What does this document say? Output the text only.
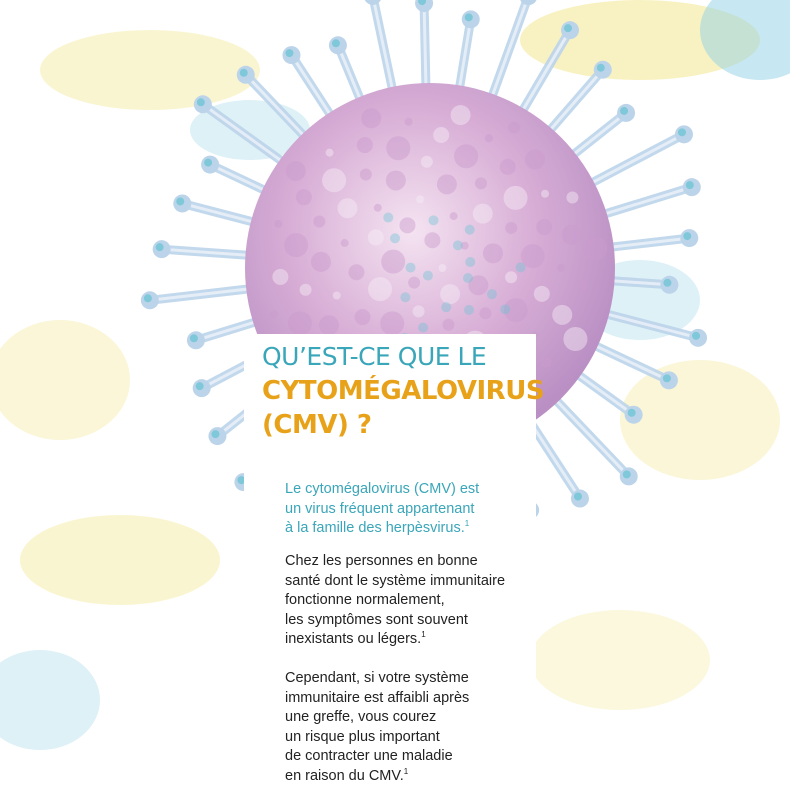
QU’EST-CE QUE LE
CYTOMÉGALOVIRUS
(CMV) ?
Le cytomégalovirus (CMV) est
un virus fréquent appartenant
à la famille des herpèsvirus.$^1$
Chez les personnes en bonne
santé dont le système immunitaire
fonctionne normalement,
les symptômes sont souvent
inexistants ou légers.$^1$
Cependant, si votre système
immunitaire est affaibli après
une greffe, vous courez
un risque plus important
de contracter une maladie
en raison du CMV.$^1$
